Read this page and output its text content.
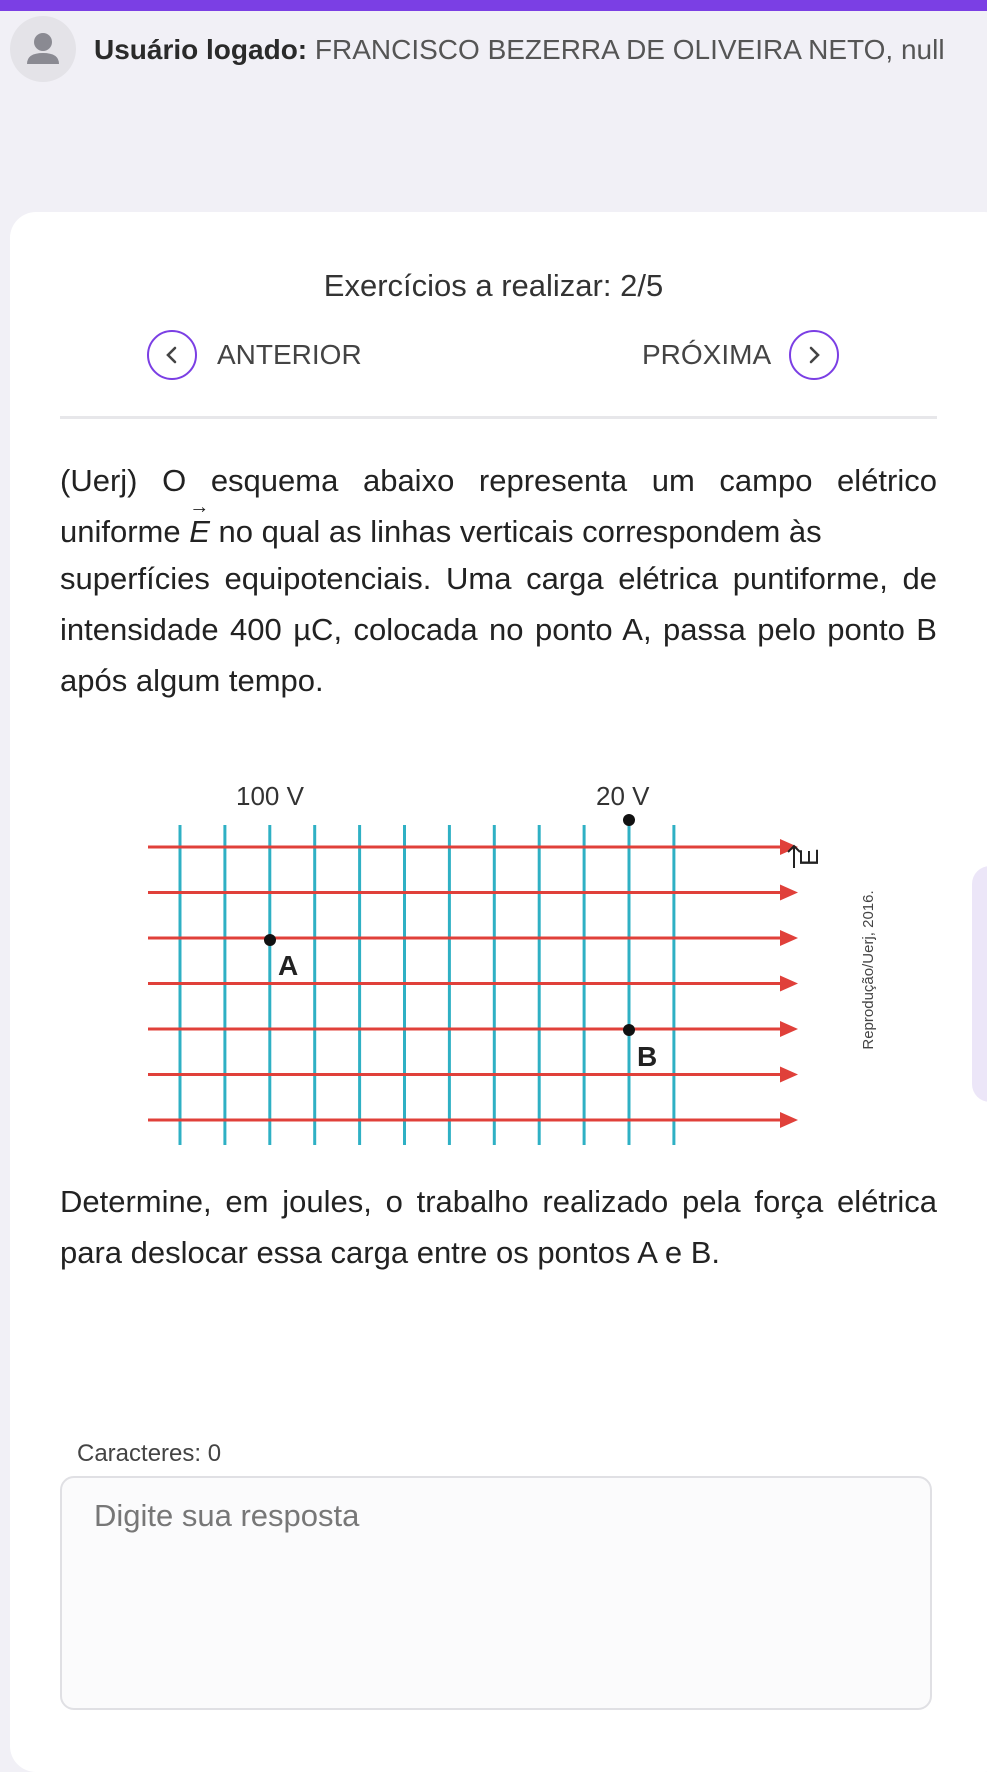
Usuário logado: FRANCISCO BEZERRA DE OLIVEIRA NETO, null
Exercícios a realizar: 2/5
ANTERIOR	PRÓXIMA
(Uerj) O esquema abaixo representa um campo elétrico uniforme → E no qual as linhas verticais correspondem às
superfícies equipotenciais. Uma carga elétrica puntiforme, de intensidade 400 µC, colocada no ponto A, passa pelo ponto B após algum tempo.
100 V	20 V
A
B
E
Reprodução/Uerj, 2016.
Determine, em joules, o trabalho realizado pela força elétrica para deslocar essa carga entre os pontos A e B.
Caracteres: 0
Digite sua resposta
